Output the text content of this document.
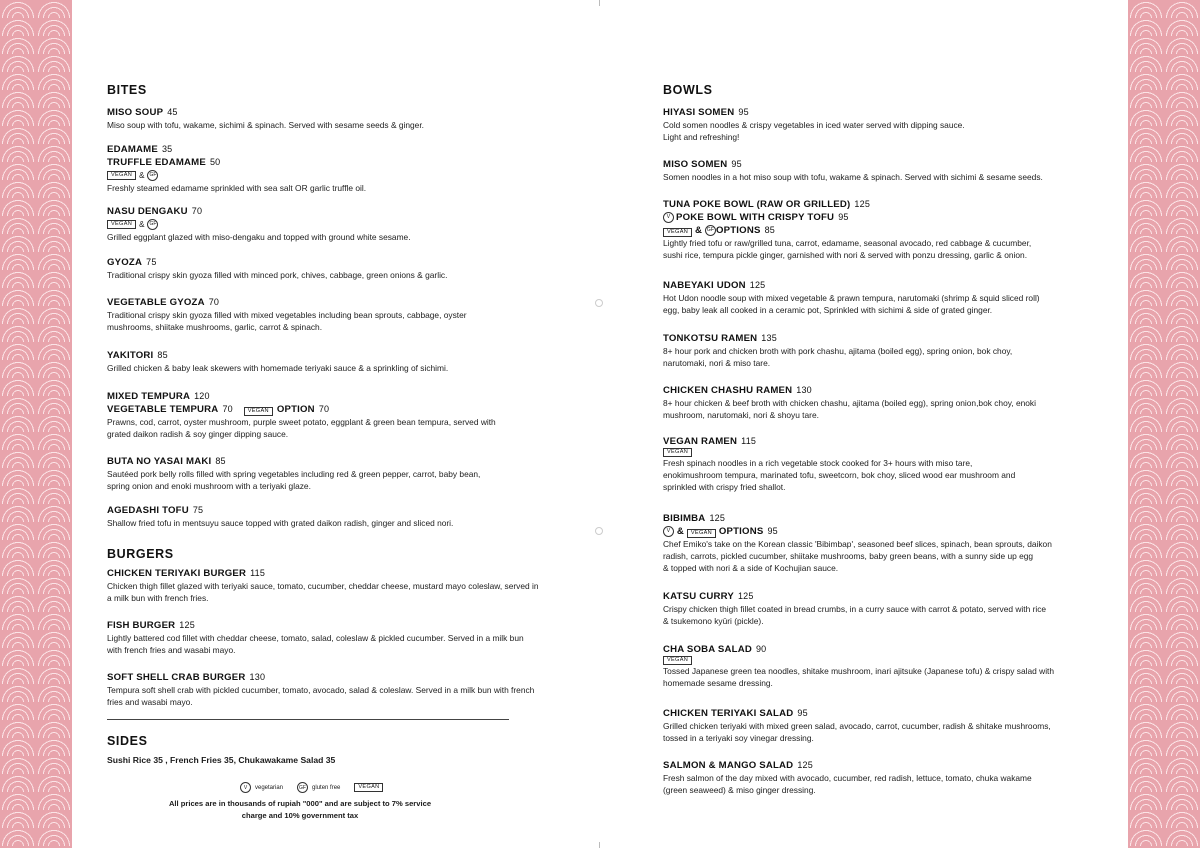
BITES
MISO SOUP 45
Miso soup with tofu, wakame, sichimi & spinach. Served with sesame seeds & ginger.
EDAMAME 35
TRUFFLE EDAMAME 50
VEGAN &	GF
Freshly steamed edamame sprinkled with sea salt OR garlic truffle oil.
NASU DENGAKU 70
VEGAN &	GF
Grilled eggplant glazed with miso-dengaku and topped with ground white sesame.
GYOZA 75
Traditional crispy skin gyoza filled with minced pork, chives, cabbage, green onions & garlic.
VEGETABLE GYOZA 70
Traditional crispy skin gyoza filled with mixed vegetables including bean sprouts, cabbage, oyster
mushrooms, shiitake mushrooms, garlic, carrot & spinach.
YAKITORI 85
Grilled chicken & baby leak skewers with homemade teriyaki sauce & a sprinkling of sichimi.
MIXED TEMPURA 120
VEGETABLE TEMPURA 70	VEGAN OPTION 70
Prawns, cod, carrot, oyster mushroom, purple sweet potato, eggplant & green bean tempura, served with
grated daikon radish & soy ginger dipping sauce.
BUTA NO YASAI MAKI 85
Sautéed pork belly rolls filled with spring vegetables including red & green pepper, carrot, baby bean,
spring onion and enoki mushroom with a teriyaki glaze.
AGEDASHI TOFU 75
Shallow fried tofu in mentsuyu sauce topped with grated daikon radish, ginger and sliced nori.
BURGERS
CHICKEN TERIYAKI BURGER 115
Chicken thigh fillet glazed with teriyaki sauce, tomato, cucumber, cheddar cheese, mustard mayo coleslaw, served in
a milk bun with french fries.
FISH BURGER 125
Lightly battered cod fillet with cheddar cheese, tomato, salad, coleslaw & pickled cucumber. Served in a milk bun
with french fries and wasabi mayo.
SOFT SHELL CRAB BURGER 130
Tempura soft shell crab with pickled cucumber, tomato, avocado, salad & coleslaw. Served in a milk bun with french
fries and wasabi mayo.
SIDES
Sushi Rice 35 , French Fries 35, Chukawakame Salad 35
V	vegetarian	GF	gluten free	VEGAN
All prices are in thousands of rupiah "000" and are subject to 7% service
charge and 10% government tax
BOWLS
HIYASI SOMEN 95
Cold somen noodles & crispy vegetables in iced water served with dipping sauce.
Light and refreshing!
MISO SOMEN 95
Somen noodles in a hot miso soup with tofu, wakame & spinach. Served with sichimi & sesame seeds.
TUNA POKE BOWL (RAW OR GRILLED) 125
V POKE BOWL WITH CRISPY TOFU 95
VEGAN & GF OPTIONS 85
Lightly fried tofu or raw/grilled tuna, carrot, edamame, seasonal avocado, red cabbage & cucumber,
sushi rice, tempura pickle ginger, garnished with nori & served with ponzu dressing, garlic & onion.
NABEYAKI UDON 125
Hot Udon noodle soup with mixed vegetable & prawn tempura, narutomaki (shrimp & squid sliced roll)
egg, baby leak all cooked in a ceramic pot, Sprinkled with sichimi & side of grated ginger.
TONKOTSU RAMEN 135
8+ hour pork and chicken broth with pork chashu, ajitama (boiled egg), spring onion, bok choy,
narutomaki, nori & miso tare.
CHICKEN CHASHU RAMEN 130
8+ hour chicken & beef broth with chicken chashu, ajitama (boiled egg), spring onion,bok choy, enoki
mushroom, narutomaki, nori & shoyu tare.
VEGAN RAMEN 115
VEGAN
Fresh spinach noodles in a rich vegetable stock cooked for 3+ hours with miso tare,
enokimushroom tempura, marinated tofu, sweetcorn, bok choy, sliced wood ear mushroom and
sprinkled with crispy fried shallot.
BIBIMBA 125
V & VEGAN OPTIONS 95
Chef Emiko's take on the Korean classic 'Bibimbap', seasoned beef slices, spinach, bean sprouts, daikon
radish, carrots, pickled cucumber, shiitake mushrooms, baby green beans, with a sunny side up egg
& topped with nori & a side of Kochujian sauce.
KATSU CURRY 125
Crispy chicken thigh fillet coated in bread crumbs, in a curry sauce with carrot & potato, served with rice
& tsukemono kyūri (pickle).
CHA SOBA SALAD 90
VEGAN
Tossed Japanese green tea noodles, shitake mushroom, inari ajitsuke (Japanese tofu) & crispy salad with
homemade sesame dressing.
CHICKEN TERIYAKI SALAD 95
Grilled chicken teriyaki with mixed green salad, avocado, carrot, cucumber, radish & shitake mushrooms,
tossed in a teriyaki soy vinegar dressing.
SALMON & MANGO SALAD 125
Fresh salmon of the day mixed with avocado, cucumber, red radish, lettuce, tomato, chuka wakame
(green seaweed) & miso ginger dressing.
